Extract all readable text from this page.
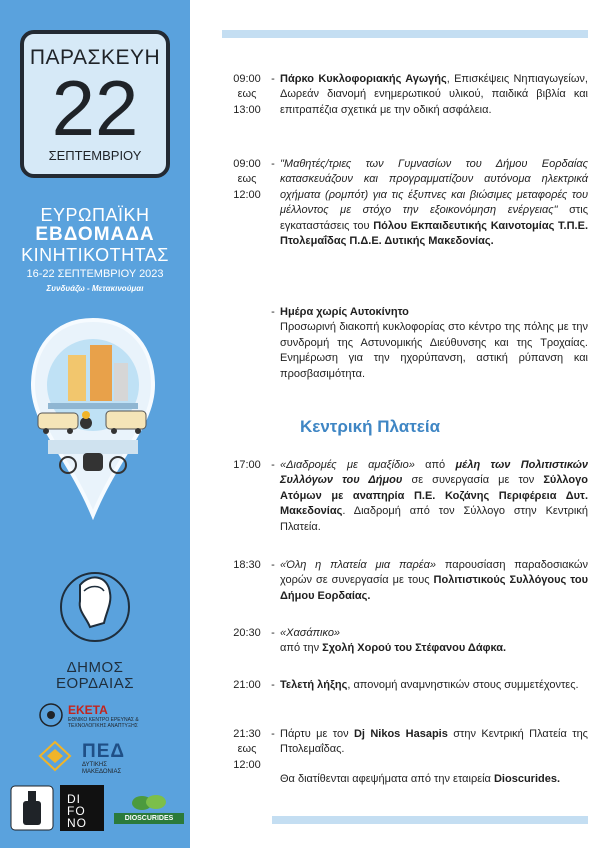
ΠΑΡΑΣΚΕΥΗ
22
ΣΕΠΤΕΜΒΡΙΟΥ
ΕΥΡΩΠΑΪΚΗ
ΕΒΔΟΜΑΔΑ
ΚΙΝΗΤΙΚΟΤΗΤΑΣ
16-22 ΣΕΠΤΕΜΒΡΙΟΥ 2023
Συνδυάζω - Μετακινούμαι
ΔΗΜΟΣ
ΕΟΡΔΑΙΑΣ
ΕΚΕΤΑ
ΕΘΝΙΚΟ ΚΕΝΤΡΟ ΕΡΕΥΝΑΣ & ΤΕΧΝΟΛΟΓΙΚΗΣ ΑΝΑΠΤΥΞΗΣ
ΠΕΔ
ΔΥΤΙΚΗΣ
ΜΑΚΕΔΟΝΙΑΣ
DI FO NO	DIOSCURIDES
09:00
εως
13:00
- Πάρκο Κυκλοφοριακής Αγωγής, Επισκέψεις Νηπιαγωγείων, Δωρεάν διανομή ενημερωτικού υλικού, παιδικά βιβλία και επιτραπέζια σχετικά με την οδική ασφάλεια.
09:00
εως
12:00
- "Μαθητές/τριες των Γυμνασίων του Δήμου Εορδαίας κατασκευάζουν και προγραμματίζουν αυτόνομα ηλεκτρικά οχήματα (ρομπότ) για τις έξυπνες και βιώσιμες μεταφορές του μέλλοντος με στόχο την εξοικονόμηση ενέργειας" στις εγκαταστάσεις του Πόλου Εκπαιδευτικής Καινοτομίας Τ.Π.Ε. Πτολεμαΐδας Π.Δ.Ε. Δυτικής Μακεδονίας.
- Ημέρα χωρίς Αυτοκίνητο
Προσωρινή διακοπή κυκλοφορίας στο κέντρο της πόλης με την συνδρομή της Αστυνομικής Διεύθυνσης και της Τροχαίας. Ενημέρωση για την ηχορύπανση, αστική ρύπανση και προσβασιμότητα.
Κεντρική Πλατεία
17:00 - «Διαδρομές με αμαξίδιο» από μέλη των Πολιτιστικών Συλλόγων του Δήμου σε συνεργασία με τον Σύλλογο Ατόμων με αναπηρία Π.Ε. Κοζάνης Περιφέρεια Δυτ. Μακεδονίας. Διαδρομή από τον Σύλλογο στην Κεντρική Πλατεία.
18:30 - «Όλη η πλατεία μια παρέα» παρουσίαση παραδοσιακών χορών σε συνεργασία με τους Πολιτιστικούς Συλλόγους του Δήμου Εορδαίας.
20:30 - «Χασάπικο»
από την Σχολή Χορού του Στέφανου Δάφκα.
21:00 - Τελετή λήξης, απονομή αναμνηστικών στους συμμετέχοντες.
21:30
εως
12:00
- Πάρτυ με τον Dj Nikos Hasapis στην Κεντρική Πλατεία της Πτολεμαΐδας.
Θα διατίθενται αφεψήματα από την εταιρεία Dioscurides.
